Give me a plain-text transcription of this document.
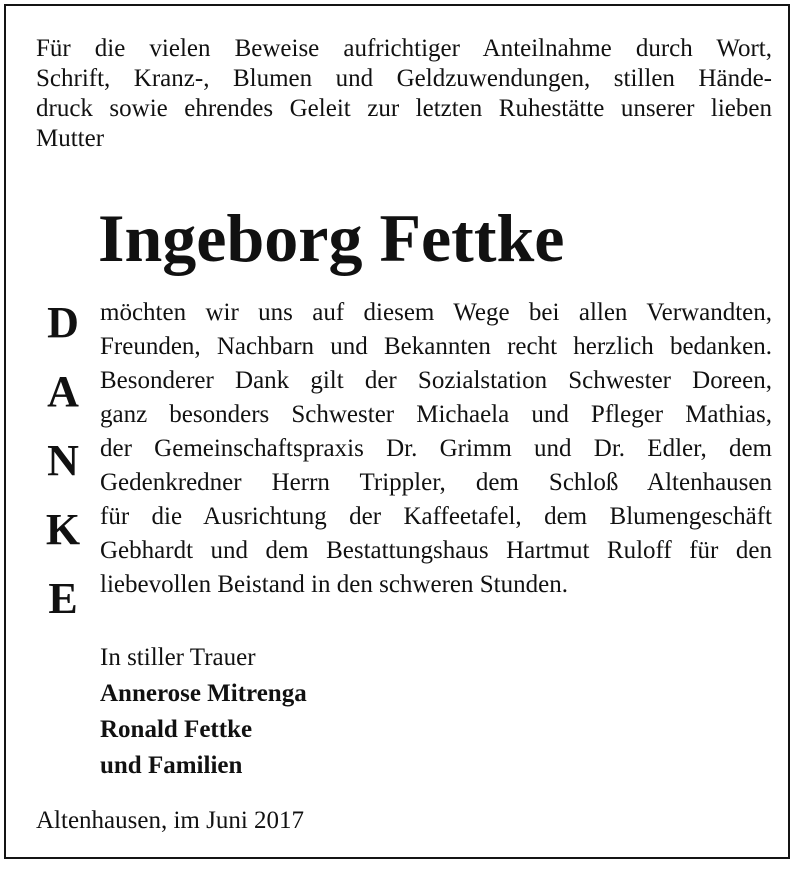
Für die vielen Beweise aufrichtiger Anteilnahme durch Wort,
Schrift, Kranz-, Blumen und Geldzuwendungen, stillen Hände-
druck sowie ehrendes Geleit zur letzten Ruhestätte unserer lieben
Mutter
Ingeborg Fettke
D
A
N
K
E
möchten wir uns auf diesem Wege bei allen Verwandten,
Freunden, Nachbarn und Bekannten recht herzlich bedanken.
Besonderer Dank gilt der Sozialstation Schwester Doreen,
ganz besonders Schwester Michaela und Pfleger Mathias,
der Gemeinschaftspraxis Dr. Grimm und Dr. Edler, dem
Gedenkredner Herrn Trippler, dem Schloß Altenhausen
für die Ausrichtung der Kaffeetafel, dem Blumengeschäft
Gebhardt und dem Bestattungshaus Hartmut Ruloff für den
liebevollen Beistand in den schweren Stunden.
In stiller Trauer
Annerose Mitrenga
Ronald Fettke
und Familien
Altenhausen, im Juni 2017
